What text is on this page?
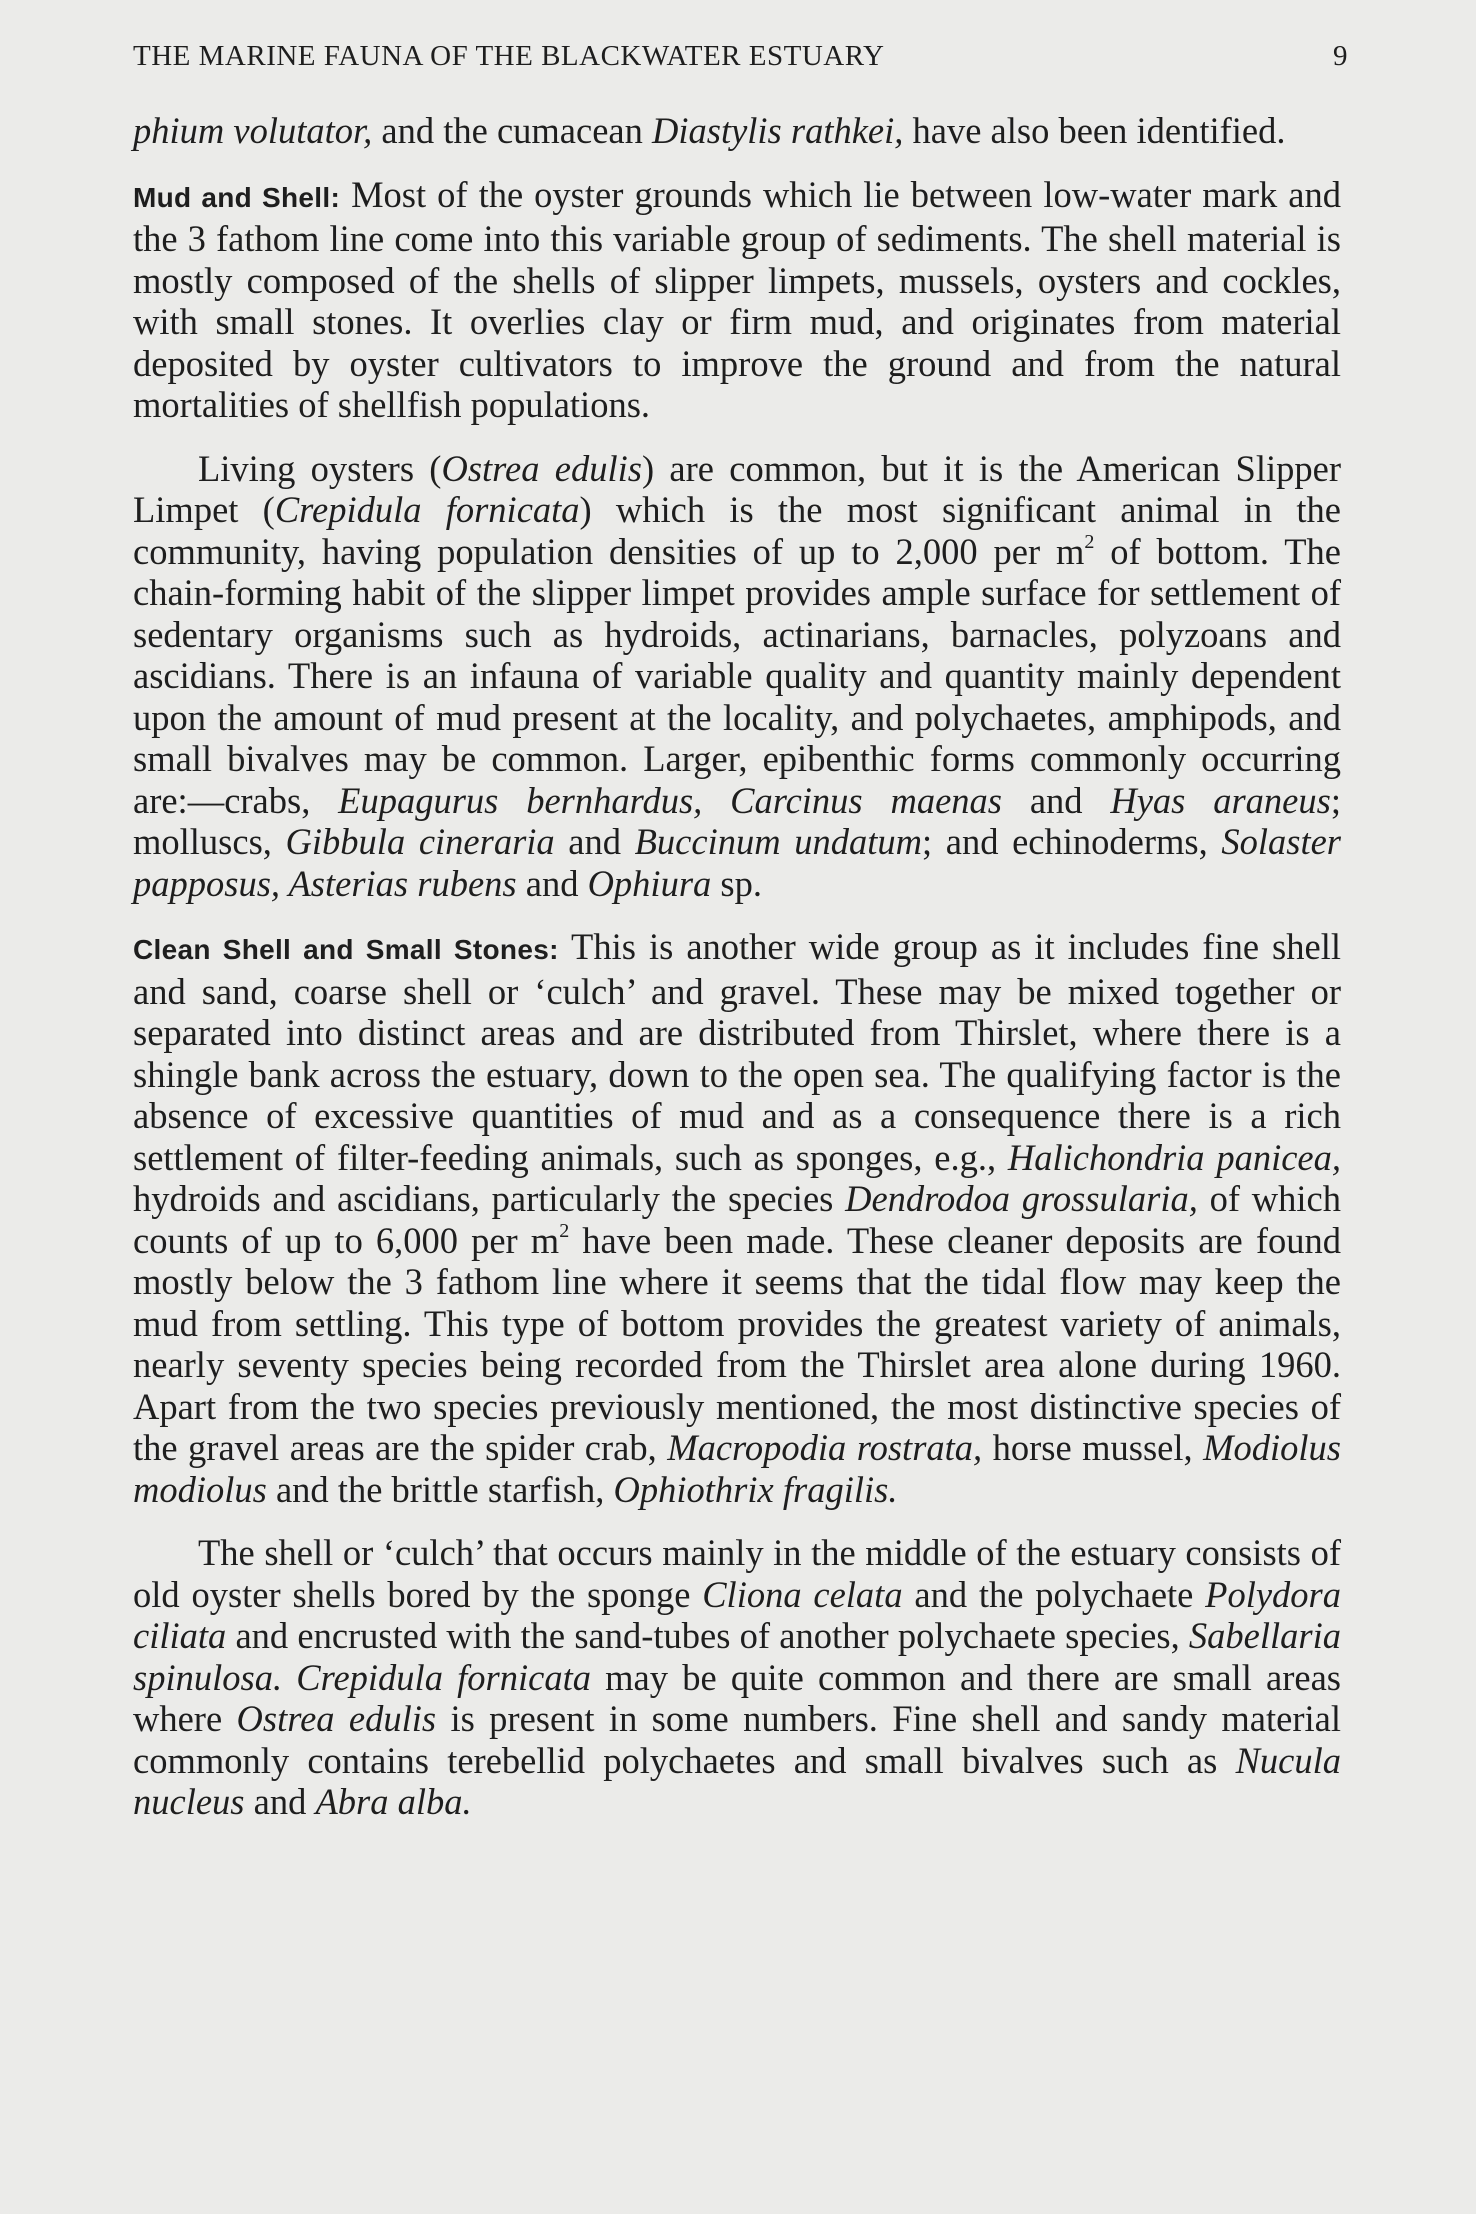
THE MARINE FAUNA OF THE BLACKWATER ESTUARY	9

phium volutator, and the cumacean Diastylis rathkei, have also been identified.

Mud and Shell: Most of the oyster grounds which lie between low-water mark and the 3 fathom line come into this variable group of sediments. The shell material is mostly composed of the shells of slipper limpets, mussels, oysters and cockles, with small stones. It overlies clay or firm mud, and originates from material deposited by oyster cultivators to improve the ground and from the natural mortalities of shellfish populations.

Living oysters (Ostrea edulis) are common, but it is the American Slipper Limpet (Crepidula fornicata) which is the most significant animal in the community, having population densities of up to 2,000 per $m^2$ of bottom. The chain-forming habit of the slipper limpet provides ample surface for settlement of sedentary organisms such as hydroids, actinarians, barnacles, polyzoans and ascidians. There is an infauna of variable quality and quantity mainly dependent upon the amount of mud present at the locality, and polychaetes, amphipods, and small bivalves may be common. Larger, epibenthic forms commonly occurring are:—crabs, Eupagurus bernhardus, Carcinus maenas and Hyas araneus; molluscs, Gibbula cineraria and Buccinum undatum; and echinoderms, Solaster papposus, Asterias rubens and Ophiura sp.

Clean Shell and Small Stones: This is another wide group as it includes fine shell and sand, coarse shell or ‘culch’ and gravel. These may be mixed together or separated into distinct areas and are distributed from Thirslet, where there is a shingle bank across the estuary, down to the open sea. The qualifying factor is the absence of excessive quantities of mud and as a consequence there is a rich settlement of filter-feeding animals, such as sponges, e.g., Halichondria panicea, hydroids and ascidians, particularly the species Dendrodoa grossularia, of which counts of up to 6,000 per $m^2$ have been made. These cleaner deposits are found mostly below the 3 fathom line where it seems that the tidal flow may keep the mud from settling. This type of bottom provides the greatest variety of animals, nearly seventy species being recorded from the Thirslet area alone during 1960. Apart from the two species previously mentioned, the most distinctive species of the gravel areas are the spider crab, Macropodia rostrata, horse mussel, Modiolus modiolus and the brittle starfish, Ophiothrix fragilis.

The shell or ‘culch’ that occurs mainly in the middle of the estuary consists of old oyster shells bored by the sponge Cliona celata and the polychaete Polydora ciliata and encrusted with the sand-tubes of another polychaete species, Sabellaria spinulosa. Crepidula fornicata may be quite common and there are small areas where Ostrea edulis is present in some numbers. Fine shell and sandy material commonly contains terebellid polychaetes and small bivalves such as Nucula nucleus and Abra alba.
